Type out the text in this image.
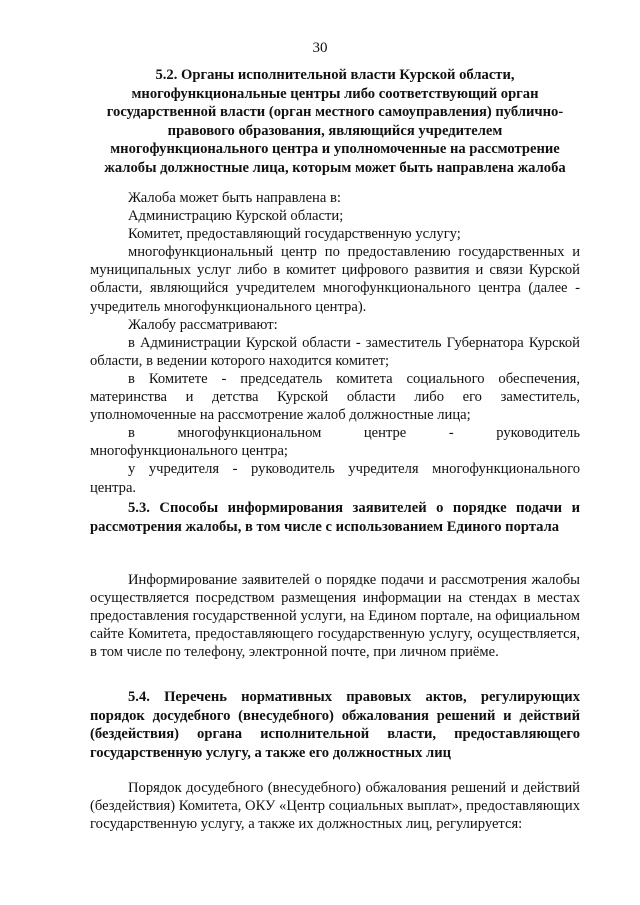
30
5.2. Органы исполнительной власти Курской области,
многофункциональные центры либо соответствующий орган
государственной власти (орган местного самоуправления) публично-
правового образования, являющийся учредителем
многофункционального центра и уполномоченные на рассмотрение
жалобы должностные лица, которым может быть направлена жалоба
Жалоба может быть направлена в:
Администрацию Курской области;
Комитет, предоставляющий государственную услугу;
многофункциональный центр по предоставлению государственных и муниципальных услуг либо в комитет цифрового развития и связи Курской области, являющийся учредителем многофункционального центра (далее - учредитель многофункционального центра).
Жалобу рассматривают:
в Администрации Курской области - заместитель Губернатора Курской области, в ведении которого находится комитет;
в Комитете - председатель комитета социального обеспечения, материнства и детства Курской области либо его заместитель, уполномоченные на рассмотрение жалоб должностные лица;
в	многофункциональном	центре	-	руководитель
многофункционального центра;
у учредителя - руководитель учредителя многофункционального центра.
5.3. Способы информирования заявителей о порядке подачи и рассмотрения жалобы, в том числе с использованием Единого портала
Информирование заявителей о порядке подачи и рассмотрения жалобы осуществляется посредством размещения информации на стендах в местах предоставления государственной услуги, на Едином портале, на официальном сайте Комитета, предоставляющего государственную услугу, осуществляется, в том числе по телефону, электронной почте, при личном приёме.
5.4. Перечень нормативных правовых актов, регулирующих порядок досудебного (внесудебного) обжалования решений и действий (бездействия) органа исполнительной власти, предоставляющего государственную услугу, а также его должностных лиц
Порядок досудебного (внесудебного) обжалования решений и действий (бездействия) Комитета, ОКУ «Центр социальных выплат», предоставляющих государственную услугу, а также их должностных лиц, регулируется:
